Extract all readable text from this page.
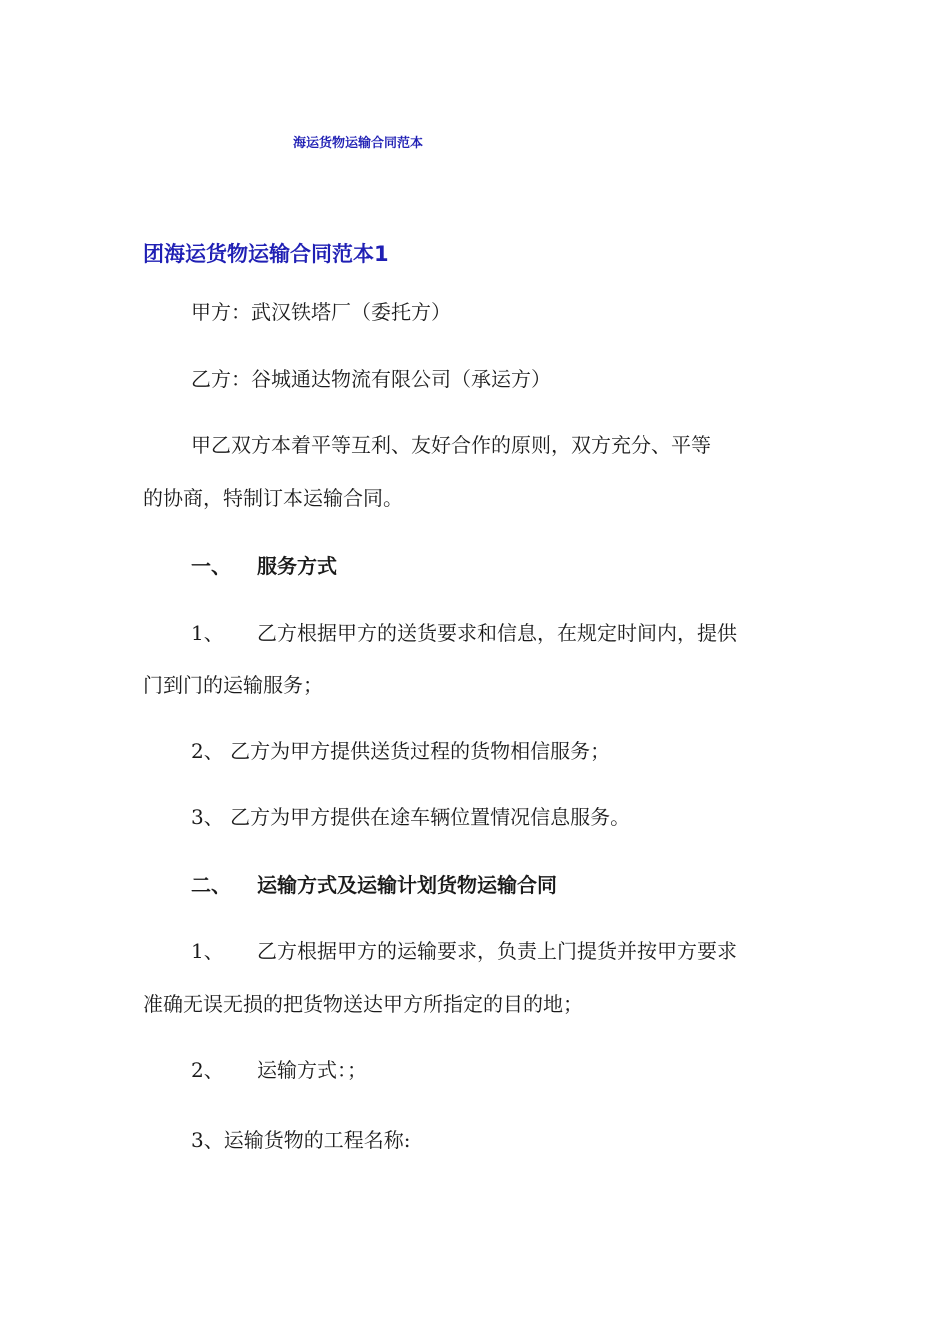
海运货物运输合同范本
团海运货物运输合同范本1
甲方：武汉铁塔厂（委托方）
乙方：谷城通达物流有限公司（承运方）
甲乙双方本着平等互利、友好合作的原则，双方充分、平等
的协商，特制订本运输合同。
一、 服务方式
1、 乙方根据甲方的送货要求和信息，在规定时间内，提供
门到门的运输服务；
2、 乙方为甲方提供送货过程的货物相信服务；
3、 乙方为甲方提供在途车辆位置情况信息服务。
二、 运输方式及运输计划货物运输合同
1、 乙方根据甲方的运输要求，负责上门提货并按甲方要求
准确无误无损的把货物送达甲方所指定的目的地；
2、 运输方式：；
3、运输货物的工程名称:
